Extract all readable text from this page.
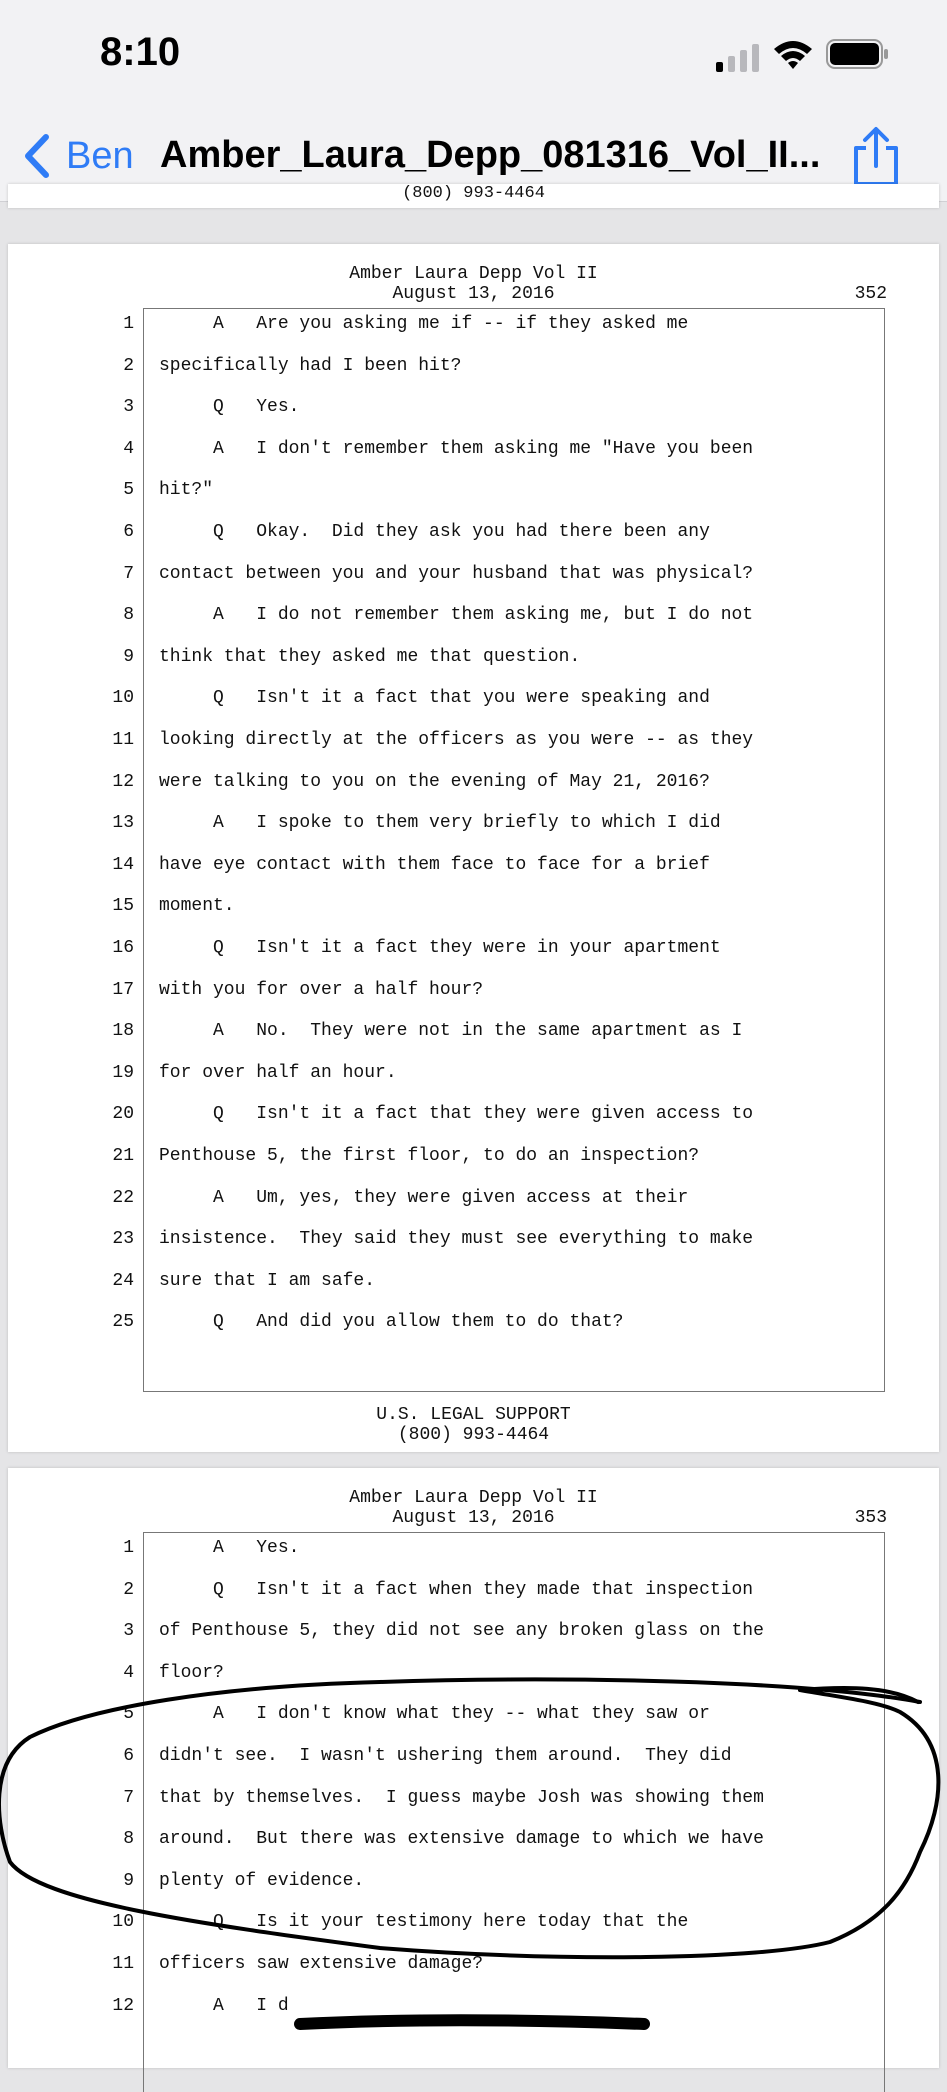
8:10
Ben Amber_Laura_Depp_081316_Vol_II...
(800) 993-4464
Amber Laura Depp Vol II
August 13, 2016	352
1 A   Are you asking me if -- if they asked me
2 specifically had I been hit?
3 Q   Yes.
4 A   I don't remember them asking me "Have you been
5 hit?"
6 Q   Okay.  Did they ask you had there been any
7 contact between you and your husband that was physical?
8 A   I do not remember them asking me, but I do not
9 think that they asked me that question.
10 Q   Isn't it a fact that you were speaking and
11 looking directly at the officers as you were -- as they
12 were talking to you on the evening of May 21, 2016?
13 A   I spoke to them very briefly to which I did
14 have eye contact with them face to face for a brief
15 moment.
16 Q   Isn't it a fact they were in your apartment
17 with you for over a half hour?
18 A   No.  They were not in the same apartment as I
19 for over half an hour.
20 Q   Isn't it a fact that they were given access to
21 Penthouse 5, the first floor, to do an inspection?
22 A   Um, yes, they were given access at their
23 insistence.  They said they must see everything to make
24 sure that I am safe.
25 Q   And did you allow them to do that?
U.S. LEGAL SUPPORT
(800) 993-4464
Amber Laura Depp Vol II
August 13, 2016	353
1 A   Yes.
2 Q   Isn't it a fact when they made that inspection
3 of Penthouse 5, they did not see any broken glass on the
4 floor?
5 A   I don't know what they -- what they saw or
6 didn't see.  I wasn't ushering them around.  They did
7 that by themselves.  I guess maybe Josh was showing them
8 around.  But there was extensive damage to which we have
9 plenty of evidence.
10 Q   Is it your testimony here today that the
11 officers saw extensive damage?
12 A   I d
